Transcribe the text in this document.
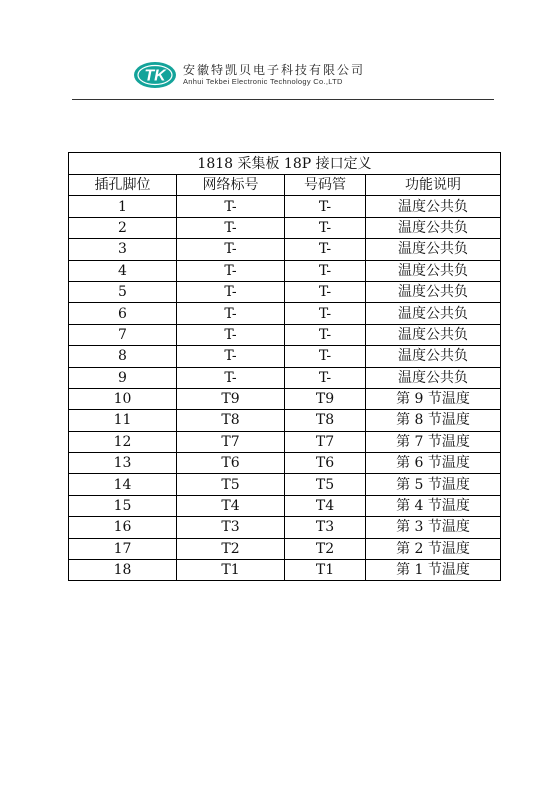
TK 安徽特凯贝电子科技有限公司
Anhui Tekbei Electronic Technology Co.,LTD
1818 采集板 18P 接口定义			
插孔脚位	网络标号	号码管	功能说明
1	T-	T-	温度公共负
2	T-	T-	温度公共负
3	T-	T-	温度公共负
4	T-	T-	温度公共负
5	T-	T-	温度公共负
6	T-	T-	温度公共负
7	T-	T-	温度公共负
8	T-	T-	温度公共负
9	T-	T-	温度公共负
10	T9	T9	第 9 节温度
11	T8	T8	第 8 节温度
12	T7	T7	第 7 节温度
13	T6	T6	第 6 节温度
14	T5	T5	第 5 节温度
15	T4	T4	第 4 节温度
16	T3	T3	第 3 节温度
17	T2	T2	第 2 节温度
18	T1	T1	第 1 节温度
